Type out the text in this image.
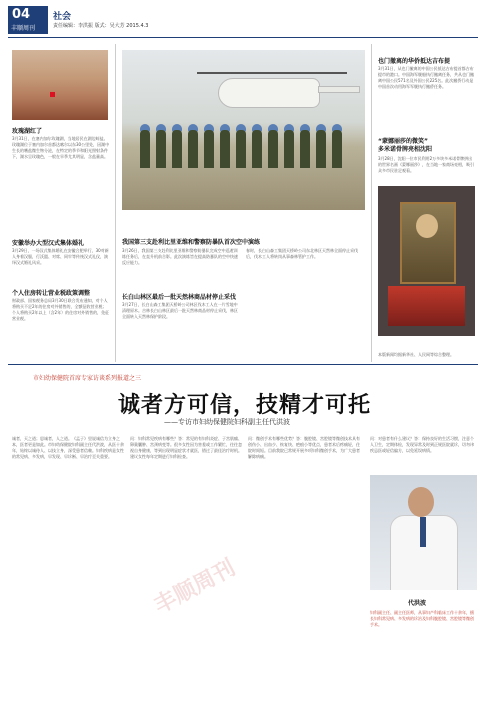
04
丰顺周刊
社会
责任编辑：李洪振 版式：吴大芳 2015.4.3
玫瑰湖红了
3月31日，在塞内加尔玫瑰湖，当地居民在湖边晾盐。玫瑰湖位于塞内加尔首都达喀尔以东30公里处，因湖中生长的嗜盐微生物分泌，在特定的季节和阳光照射条件下，湖水呈玫瑰色，一般在旱季尤其明显，含盐量高。
安徽举办大型汉式集体婚礼
3月29日，一场汉式集体婚礼在安徽合肥举行，30对新人身着汉服，行沃盥、对席、同牢等传统汉式礼仪，演绎汉式婚礼风采。
个人住房转让营业税政策调整
财政部、国家税务总局3月30日联合发布通知，对个人将购买不足2年的住房对外销售的，全额征收营业税；个人将购买2年以上（含2年）的住房对外销售的，免征营业税。
我国第三支赴利比里亚维和警察防暴队首次空中演练
3月26日，我国第三支赴利比里亚维和警察防暴队完成空中巡逻训练任务后，在直升机前合影。此次演练旨在提高防暴队的空中快速反应能力。
长白山林区最后一批天然林商品材停止采伐
3月27日，长白山森工集团天桥岭公司林区伐木工人在一片雪地中清理原木。吉林长白山林区最后一批天然林商品材停止采伐，林区全面转入天然林保护阶段。
春时，长白山森工集团天桥岭公司东北林区天然林全面停止采伐后，伐木工人将转岗从事森林管护工作。
也门撤离的华侨抵达吉布提
3月31日，从也门撤离的中国公民抵达吉布提首都吉布提市的港口。中国海军舰船执行撤离任务，共从也门撤离中国公民571名及外国公民225名。此次撤侨行动是中国首次动用海军军舰执行撤侨任务。
“蒙娜丽莎的微笑”
多米诺骨牌亮相沈阳
3月28日，沈阳一位市民利用2万多块多米诺骨牌拼出的世界名画《蒙娜丽莎》，在当地一家商场亮相，吸引众多市民驻足观看。
本版新闻均据新华社、人民网等综合整理。
市妇幼保健院首席专家访谈系列报道之三
诚者方可信，技精才可托
——专访市妇幼保健院妇科副主任代洪波
诚者，天之道；思诚者，人之道。《孟子》里说诚信为立身之本，医者更是如此。市妇幼保健院妇科副主任代洪波，从医十余年，始终以诚待人、以技立身，深受患者信赖。妇科疾病是女性的常见病、多发病，早发现、早诊断、早治疗至关重要。
问：妇科常见疾病有哪些？答：常见的有妇科炎症、子宫肌瘤、卵巢囊肿、宫颈病变等。很多女性因为害羞或工作繁忙，往往忽视自身健康，等到出现明显症状才就医，错过了最佳治疗时机。建议女性每年定期进行妇科检查。
问：微创手术有哪些优势？答：腹腔镜、宫腔镜等微创技术具有创伤小、出血少、恢复快、疤痕小等优点，患者术后疼痛轻，住院时间短。目前我院已常规开展多项妇科微创手术，为广大患者解除病痛。
问：对患者有什么建议？答：保持良好的生活习惯，注意个人卫生，定期体检，发现异常及时到正规医院就诊，切勿讳疾忌医或轻信偏方，以免延误病情。
代洪波
妇科副主任、副主任医师，从事妇产科临床工作十余年，擅长妇科常见病、多发病的诊治及妇科腹腔镜、宫腔镜等微创手术。
丰顺周刊
